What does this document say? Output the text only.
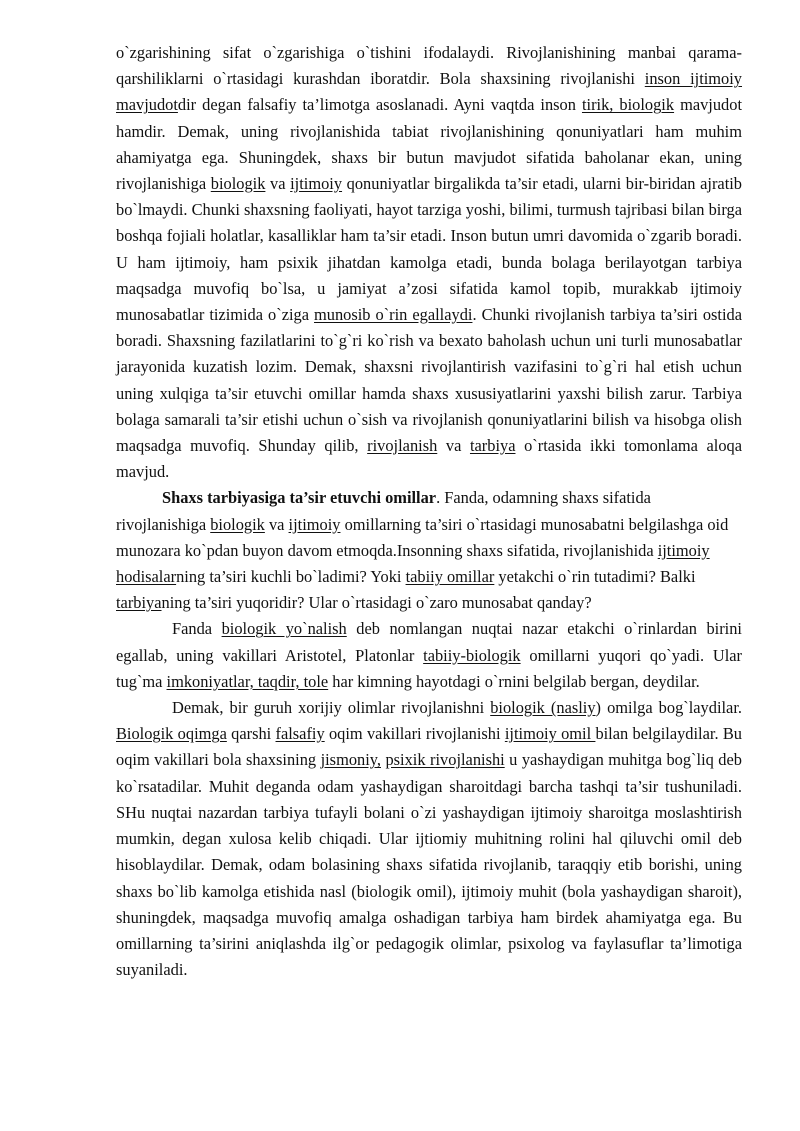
o`zgarishining sifat o`zgarishiga o`tishini ifodalaydi. Rivojlanishining manbai qarama-qarshiliklarni o`rtasidagi kurashdan iboratdir. Bola shaxsining rivojlanishi inson ijtimoiy mavjudotdir degan falsafiy ta’limotga asoslanadi. Ayni vaqtda inson tirik, biologik mavjudot hamdir. Demak, uning rivojlanishida tabiat rivojlanishining qonuniyatlari ham muhim ahamiyatga ega. Shuningdek, shaxs bir butun mavjudot sifatida baholanar ekan, uning rivojlanishiga biologik va ijtimoiy qonuniyatlar birgalikda ta’sir etadi, ularni bir-biridan ajratib bo`lmaydi. Chunki shaxsning faoliyati, hayot tarziga yoshi, bilimi, turmush tajribasi bilan birga boshqa fojiali holatlar, kasalliklar ham ta’sir etadi. Inson butun umri davomida o`zgarib boradi. U ham ijtimoiy, ham psixik jihatdan kamolga etadi, bunda bolaga berilayotgan tarbiya maqsadga muvofiq bo`lsa, u jamiyat a’zosi sifatida kamol topib, murakkab ijtimoiy munosabatlar tizimida o`ziga munosib o`rin egallaydi. Chunki rivojlanish tarbiya ta’siri ostida boradi. Shaxsning fazilatlarini to`g`ri ko`rish va bexato baholash uchun uni turli munosabatlar jarayonida kuzatish lozim. Demak, shaxsni rivojlantirish vazifasini to`g`ri hal etish uchun uning xulqiga ta’sir etuvchi omillar hamda shaxs xususiyatlarini yaxshi bilish zarur. Tarbiya bolaga samarali ta’sir etishi uchun o`sish va rivojlanish qonuniyatlarini bilish va hisobga olish maqsadga muvofiq. Shunday qilib, rivojlanish va tarbiya o`rtasida ikki tomonlama aloqa mavjud.

Shaxs tarbiyasiga ta’sir etuvchi omillar. Fanda, odamning shaxs sifatida rivojlanishiga biologik va ijtimoiy omillarning ta’siri o`rtasidagi munosabatni belgilashga oid munozara ko`pdan buyon davom etmoqda.Insonning shaxs sifatida, rivojlanishida ijtimoiy hodisalarning ta’siri kuchli bo`ladimi? Yoki tabiiy omillar yetakchi o`rin tutadimi? Balki tarbiyaning ta’siri yuqoridir? Ular o`rtasidagi o`zaro munosabat qanday?

Fanda biologik yo`nalish deb nomlangan nuqtai nazar etakchi o`rinlardan birini egallab, uning vakillari Aristotel, Platonlar tabiiy-biologik omillarni yuqori qo`yadi. Ular tug`ma imkoniyatlar, taqdir, tole har kimning hayotdagi o`rnini belgilab bergan, deydilar.

Demak, bir guruh xorijiy olimlar rivojlanishni biologik (nasliy) omilga bog`laydilar. Biologik oqimga qarshi falsafiy oqim vakillari rivojlanishi ijtimoiy omil bilan belgilaydilar. Bu oqim vakillari bola shaxsining jismoniy, psixik rivojlanishi u yashaydigan muhitga bog`liq deb ko`rsatadilar. Muhit deganda odam yashaydigan sharoitdagi barcha tashqi ta’sir tushuniladi. SHu nuqtai nazardan tarbiya tufayli bolani o`zi yashaydigan ijtimoiy sharoitga moslashtirish mumkin, degan xulosa kelib chiqadi. Ular ijtiomiy muhitning rolini hal qiluvchi omil deb hisoblaydilar. Demak, odam bolasining shaxs sifatida rivojlanib, taraqqiy etib borishi, uning shaxs bo`lib kamolga etishida nasl (biologik omil), ijtimoiy muhit (bola yashaydigan sharoit), shuningdek, maqsadga muvofiq amalga oshadigan tarbiya ham birdek ahamiyatga ega. Bu omillarning ta’sirini aniqlashda ilg`or pedagogik olimlar, psixolog va faylasuflar ta’limotiga suyaniladi.
